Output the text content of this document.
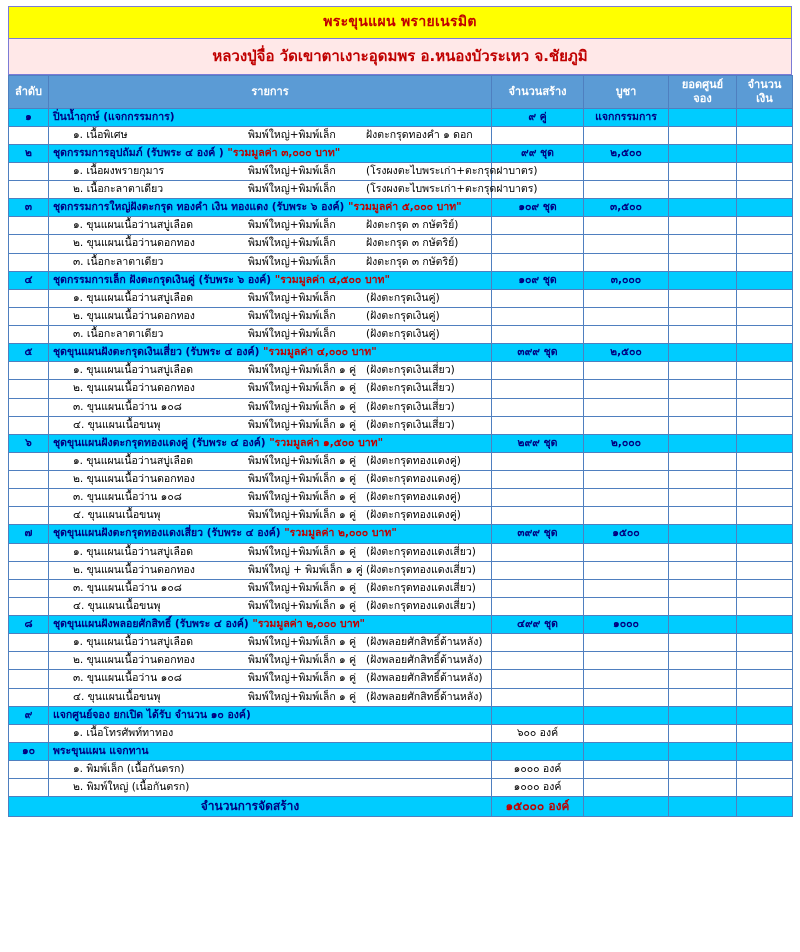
พระขุนแผน พรายเนรมิต
หลวงปู่จื่อ วัดเขาตาเงาะอุดมพร อ.หนองบัวระเหว จ.ชัยภูมิ
ลำดับ	รายการ	จำนวนสร้าง	บูชา	ยอดศูนย์จอง	จำนวนเงิน
๑	ปิ่นน้ำฤกษ์ (แจกกรรมการ)	๙ คู่	แจกกรรมการ		

	๑. เนื้อพิเศษ พิมพ์ใหญ่+พิมพ์เล็ก ฝังตะกรุดทองคำ ๑ ดอก				

๒	ชุดกรรมการอุปถัมภ์ (รับพระ ๔ องค์ ) "รวมมูลค่า ๓,๐๐๐ บาท"	๙๙ ชุด	๒,๕๐๐		

	๑. เนื้อผงพรายกุมาร พิมพ์ใหญ่+พิมพ์เล็ก (โรงผงตะไบพระเก่า+ตะกรุดฝาบาตร)				

	๒. เนื้อกะลาตาเดียว พิมพ์ใหญ่+พิมพ์เล็ก (โรงผงตะไบพระเก่า+ตะกรุดฝาบาตร)				

๓	ชุดกรรมการใหญ่ฝังตะกรุด ทองคำ เงิน ทองแดง (รับพระ ๖ องค์) "รวมมูลค่า ๕,๐๐๐ บาท"	๑๐๙ ชุด	๓,๕๐๐		

	๑. ขุนแผนเนื้อว่านสบู่เลือด พิมพ์ใหญ่+พิมพ์เล็ก ฝังตะกรุด ๓ กษัตริย์)				

	๒. ขุนแผนเนื้อว่านดอกทอง พิมพ์ใหญ่+พิมพ์เล็ก ฝังตะกรุด ๓ กษัตริย์)				

	๓. เนื้อกะลาตาเดียว พิมพ์ใหญ่+พิมพ์เล็ก ฝังตะกรุด ๓ กษัตริย์)				

๔	ชุดกรรมการเล็ก ฝังตะกรุดเงินคู่ (รับพระ ๖ องค์) "รวมมูลค่า ๔,๕๐๐ บาท"	๑๐๙ ชุด	๓,๐๐๐		

	๑. ขุนแผนเนื้อว่านสบู่เลือด พิมพ์ใหญ่+พิมพ์เล็ก (ฝังตะกรุดเงินคู่)				

	๒. ขุนแผนเนื้อว่านดอกทอง พิมพ์ใหญ่+พิมพ์เล็ก (ฝังตะกรุดเงินคู่)				

	๓. เนื้อกะลาตาเดียว พิมพ์ใหญ่+พิมพ์เล็ก (ฝังตะกรุดเงินคู่)				

๕	ชุดขุนแผนฝังตะกรุดเงินเสี่ยว (รับพระ ๔ องค์) "รวมมูลค่า ๔,๐๐๐ บาท"	๓๙๙ ชุด	๒,๕๐๐		

	๑. ขุนแผนเนื้อว่านสบู่เลือด พิมพ์ใหญ่+พิมพ์เล็ก ๑ คู่ (ฝังตะกรุดเงินเสี่ยว)				

	๒. ขุนแผนเนื้อว่านดอกทอง พิมพ์ใหญ่+พิมพ์เล็ก ๑ คู่ (ฝังตะกรุดเงินเสี่ยว)				

	๓. ขุนแผนเนื้อว่าน ๑๐๘ พิมพ์ใหญ่+พิมพ์เล็ก ๑ คู่ (ฝังตะกรุดเงินเสี่ยว)				

	๔. ขุนแผนเนื้อขนพุ พิมพ์ใหญ่+พิมพ์เล็ก ๑ คู่ (ฝังตะกรุดเงินเสี่ยว)				

๖	ชุดขุนแผนฝังตะกรุดทองแดงคู่ (รับพระ ๔ องค์) "รวมมูลค่า ๑,๕๐๐ บาท"	๒๙๙ ชุด	๒,๐๐๐		

	๑. ขุนแผนเนื้อว่านสบู่เลือด พิมพ์ใหญ่+พิมพ์เล็ก ๑ คู่ (ฝังตะกรุดทองแดงคู่)				

	๒. ขุนแผนเนื้อว่านดอกทอง พิมพ์ใหญ่+พิมพ์เล็ก ๑ คู่ (ฝังตะกรุดทองแดงคู่)				

	๓. ขุนแผนเนื้อว่าน ๑๐๘ พิมพ์ใหญ่+พิมพ์เล็ก ๑ คู่ (ฝังตะกรุดทองแดงคู่)				

	๔. ขุนแผนเนื้อขนพุ พิมพ์ใหญ่+พิมพ์เล็ก ๑ คู่ (ฝังตะกรุดทองแดงคู่)				

๗	ชุดขุนแผนฝังตะกรุดทองแดงเสี่ยว (รับพระ ๔ องค์) "รวมมูลค่า ๒,๐๐๐ บาท"	๓๙๙ ชุด	๑๕๐๐		

	๑. ขุนแผนเนื้อว่านสบู่เลือด พิมพ์ใหญ่+พิมพ์เล็ก ๑ คู่ (ฝังตะกรุดทองแดงเสี่ยว)				

	๒. ขุนแผนเนื้อว่านดอกทอง พิมพ์ใหญ่ + พิมพ์เล็ก ๑ คู่ (ฝังตะกรุดทองแดงเสี่ยว)				

	๓. ขุนแผนเนื้อว่าน ๑๐๘ พิมพ์ใหญ่+พิมพ์เล็ก ๑ คู่ (ฝังตะกรุดทองแดงเสี่ยว)				

	๔. ขุนแผนเนื้อขนพุ พิมพ์ใหญ่+พิมพ์เล็ก ๑ คู่ (ฝังตะกรุดทองแดงเสี่ยว)				

๘	ชุดขุนแผนฝังพลอยศักสิทธิ์ (รับพระ ๔ องค์) "รวมมูลค่า ๒,๐๐๐ บาท"	๔๙๙ ชุด	๑๐๐๐		

	๑. ขุนแผนเนื้อว่านสบู่เลือด พิมพ์ใหญ่+พิมพ์เล็ก ๑ คู่ (ฝังพลอยศักสิทธิ์ด้านหลัง)				

	๒. ขุนแผนเนื้อว่านดอกทอง พิมพ์ใหญ่+พิมพ์เล็ก ๑ คู่ (ฝังพลอยศักสิทธิ์ด้านหลัง)				

	๓. ขุนแผนเนื้อว่าน ๑๐๘ พิมพ์ใหญ่+พิมพ์เล็ก ๑ คู่ (ฝังพลอยศักสิทธิ์ด้านหลัง)				

	๔. ขุนแผนเนื้อขนพุ พิมพ์ใหญ่+พิมพ์เล็ก ๑ คู่ (ฝังพลอยศักสิทธิ์ด้านหลัง)				

๙	แจกศูนย์จอง ยกเปิด ได้รับ จำนวน ๑๐ องค์)				

	๑. เนื้อโทรศัพท์ทาทอง	๖๐๐ องค์			
๑๐	พระขุนแผน แจกทาน				

	๑. พิมพ์เล็ก (เนื้อกันตรก)	๑๐๐๐ องค์			

	๒. พิมพ์ใหญ่ (เนื้อกันตรก)	๑๐๐๐ องค์			
จำนวนการจัดสร้าง		๑๕๐๐๐ องค์			
